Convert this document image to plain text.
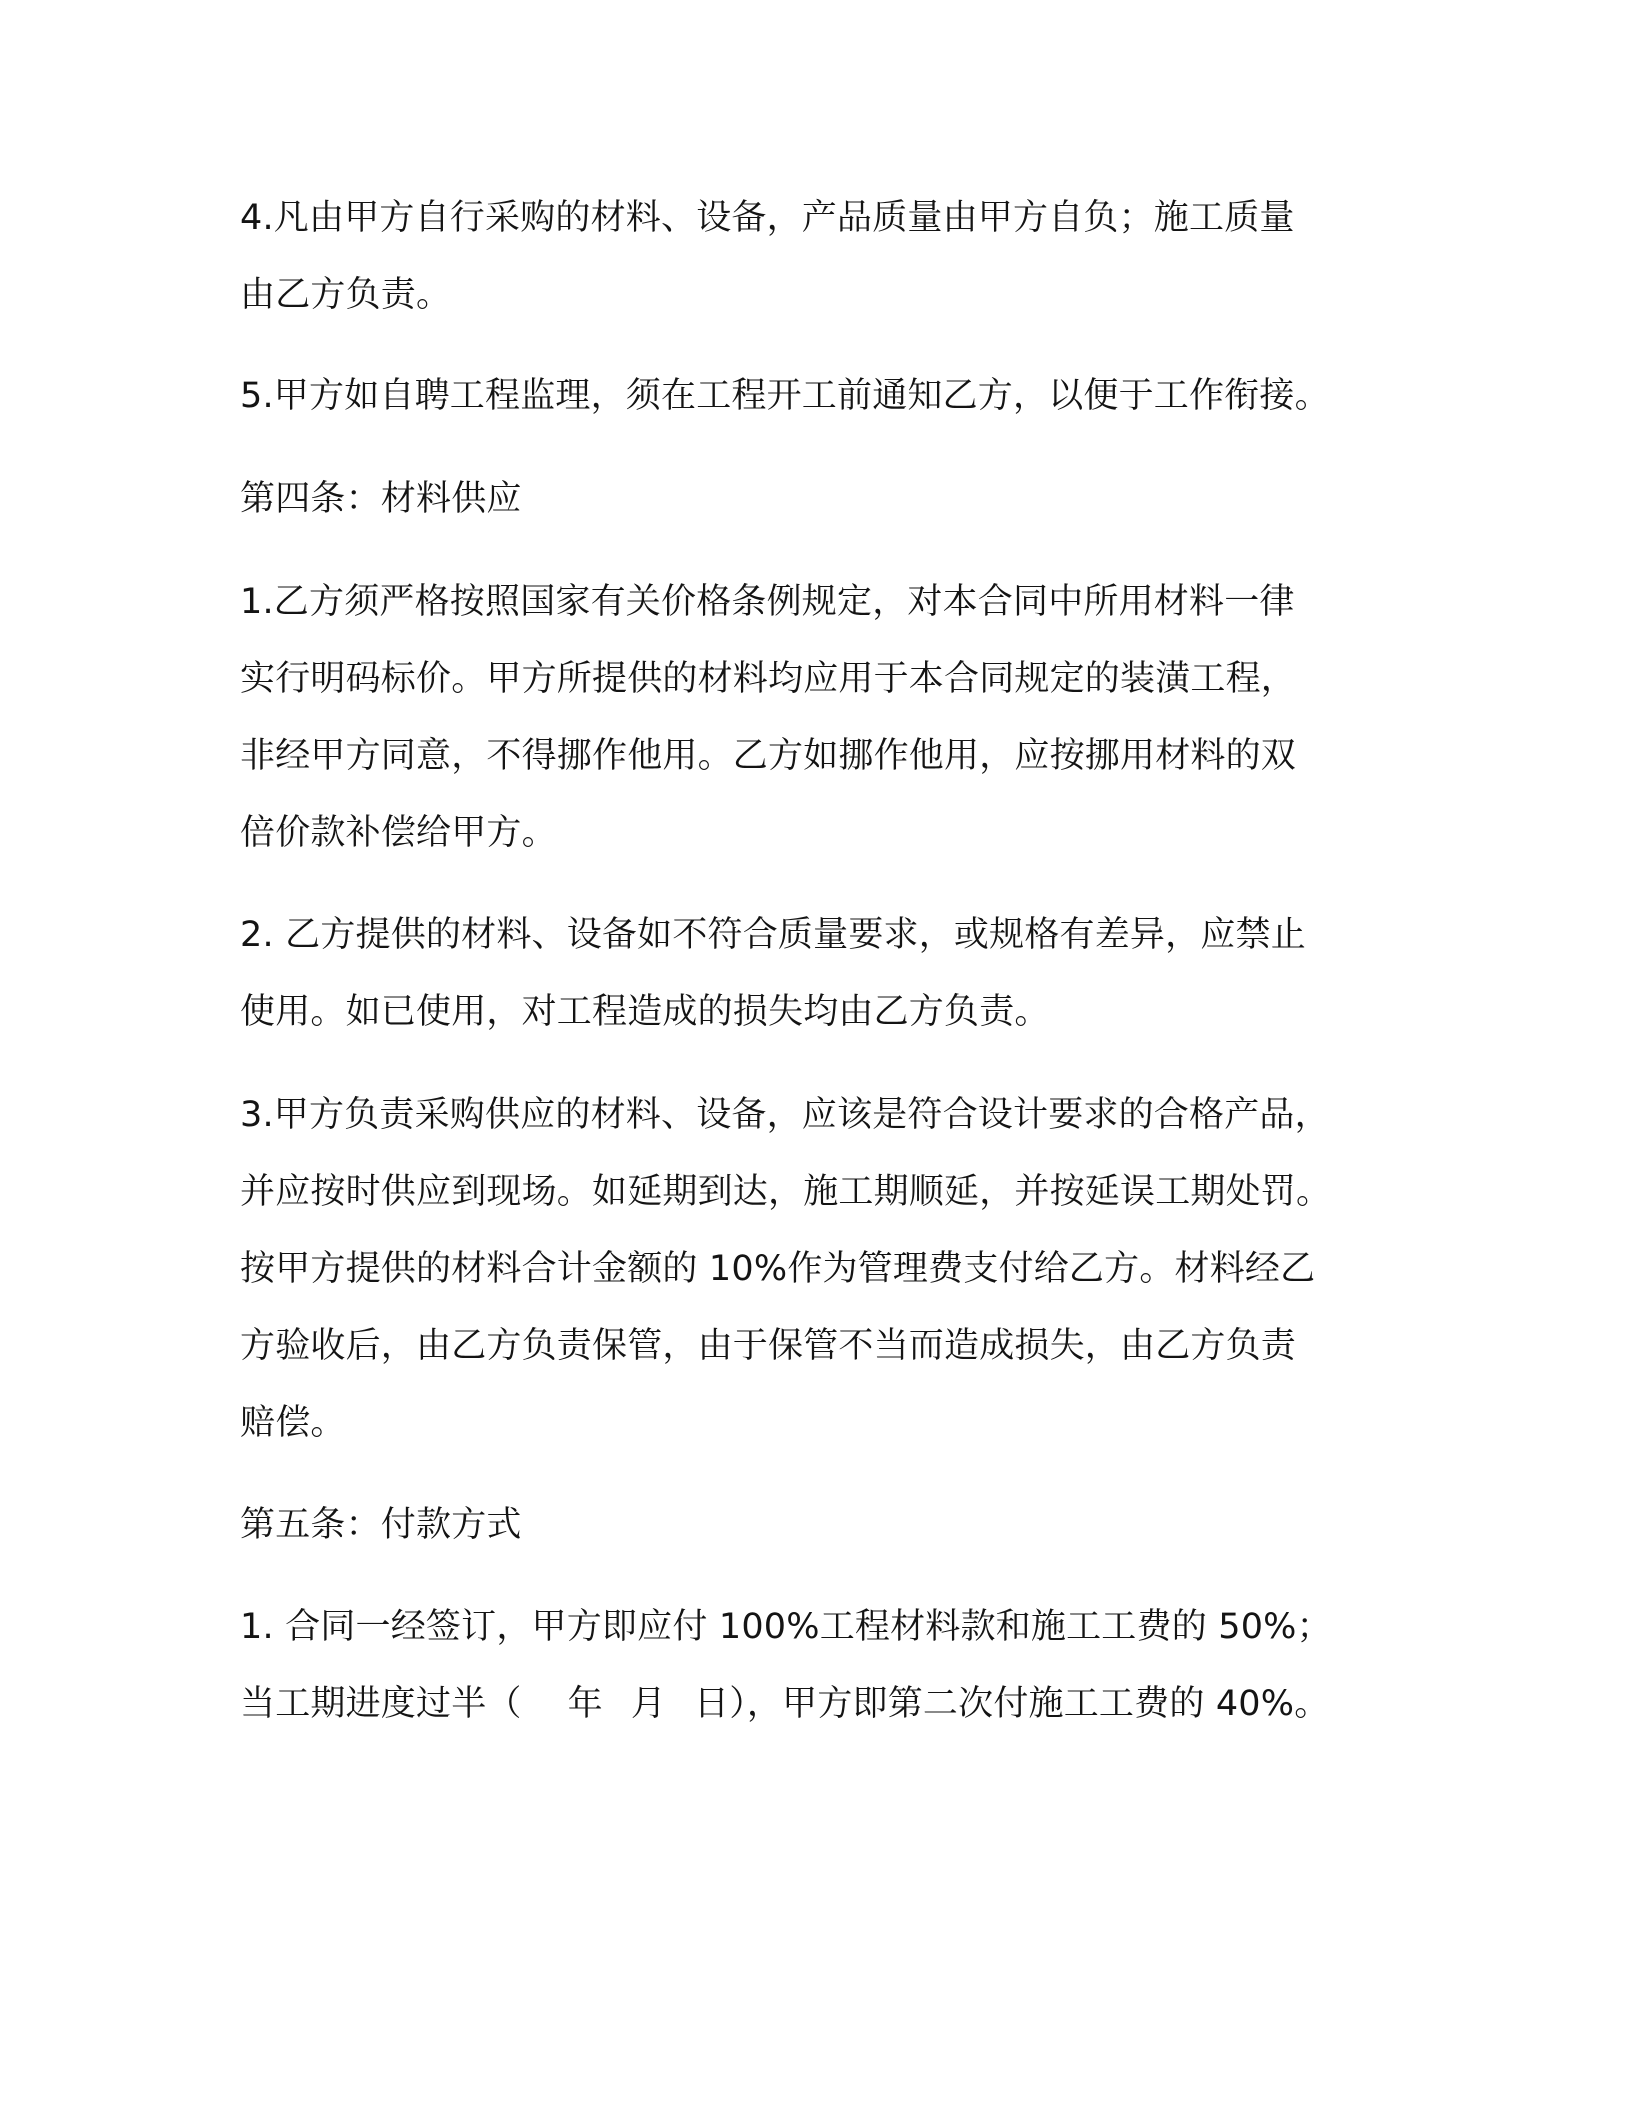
4.凡由甲方自行采购的材料、设备，产品质量由甲方自负；施工质量
由乙方负责。
5.甲方如自聘工程监理，须在工程开工前通知乙方，以便于工作衔接。
第四条：材料供应
1.乙方须严格按照国家有关价格条例规定，对本合同中所用材料一律
实行明码标价。甲方所提供的材料均应用于本合同规定的装潢工程，
非经甲方同意，不得挪作他用。乙方如挪作他用，应按挪用材料的双
倍价款补偿给甲方。
2. 乙方提供的材料、设备如不符合质量要求，或规格有差异，应禁止
使用。如已使用，对工程造成的损失均由乙方负责。
3.甲方负责采购供应的材料、设备，应该是符合设计要求的合格产品，
并应按时供应到现场。如延期到达，施工期顺延，并按延误工期处罚。
按甲方提供的材料合计金额的 10%作为管理费支付给乙方。材料经乙
方验收后，由乙方负责保管，由于保管不当而造成损失，由乙方负责
赔偿。
第五条：付款方式
1. 合同一经签订，甲方即应付 100%工程材料款和施工工费的 50%；
当工期进度过半（ 年 月 日），甲方即第二次付施工工费的 40%。
